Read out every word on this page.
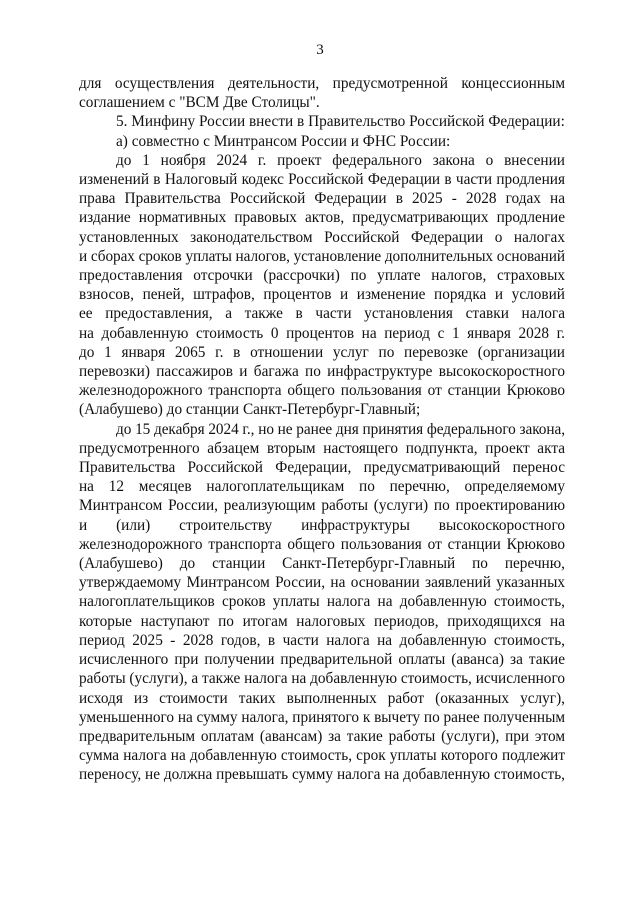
3
для осуществления деятельности, предусмотренной концессионным
соглашением с "ВСМ Две Столицы".
5. Минфину России внести в Правительство Российской Федерации:
а) совместно с Минтрансом России и ФНС России:
до 1 ноября 2024 г. проект федерального закона о внесении
изменений в Налоговый кодекс Российской Федерации в части продления
права Правительства Российской Федерации в 2025 - 2028 годах на
издание нормативных правовых актов, предусматривающих продление
установленных законодательством Российской Федерации о налогах
и сборах сроков уплаты налогов, установление дополнительных оснований
предоставления отсрочки (рассрочки) по уплате налогов, страховых
взносов, пеней, штрафов, процентов и изменение порядка и условий
ее предоставления, а также в части установления ставки налога
на добавленную стоимость 0 процентов на период с 1 января 2028 г.
до 1 января 2065 г. в отношении услуг по перевозке (организации
перевозки) пассажиров и багажа по инфраструктуре высокоскоростного
железнодорожного транспорта общего пользования от станции Крюково
(Алабушево) до станции Санкт-Петербург-Главный;
до 15 декабря 2024 г., но не ранее дня принятия федерального закона,
предусмотренного абзацем вторым настоящего подпункта, проект акта
Правительства Российской Федерации, предусматривающий перенос
на 12 месяцев налогоплательщикам по перечню, определяемому
Минтрансом России, реализующим работы (услуги) по проектированию
и (или) строительству инфраструктуры высокоскоростного
железнодорожного транспорта общего пользования от станции Крюково
(Алабушево) до станции Санкт-Петербург-Главный по перечню,
утверждаемому Минтрансом России, на основании заявлений указанных
налогоплательщиков сроков уплаты налога на добавленную стоимость,
которые наступают по итогам налоговых периодов, приходящихся на
период 2025 - 2028 годов, в части налога на добавленную стоимость,
исчисленного при получении предварительной оплаты (аванса) за такие
работы (услуги), а также налога на добавленную стоимость, исчисленного
исходя из стоимости таких выполненных работ (оказанных услуг),
уменьшенного на сумму налога, принятого к вычету по ранее полученным
предварительным оплатам (авансам) за такие работы (услуги), при этом
сумма налога на добавленную стоимость, срок уплаты которого подлежит
переносу, не должна превышать сумму налога на добавленную стоимость,
